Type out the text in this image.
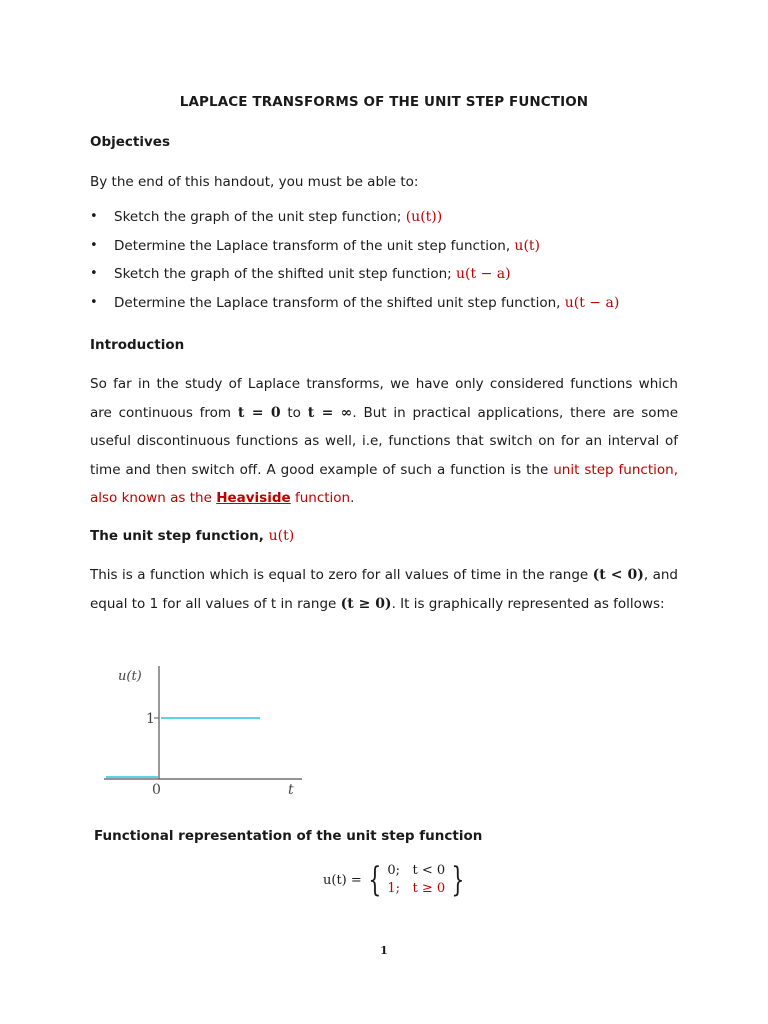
LAPLACE TRANSFORMS OF THE UNIT STEP FUNCTION
Objectives
By the end of this handout, you must be able to:
• Sketch the graph of the unit step function; (u(t))
• Determine the Laplace transform of the unit step function, u(t)
• Sketch the graph of the shifted unit step function; u(t − a)
• Determine the Laplace transform of the shifted unit step function, u(t − a)
Introduction
So far in the study of Laplace transforms, we have only considered functions which are continuous from t = 0 to t = ∞. But in practical applications, there are some useful discontinuous functions as well, i.e, functions that switch on for an interval of time and then switch off. A good example of such a function is the unit step function, also known as the Heaviside function.
The unit step function, u(t)
This is a function which is equal to zero for all values of time in the range (t < 0), and equal to 1 for all values of t in range (t ≥ 0). It is graphically represented as follows:
u(t)
1
0	t
Functional representation of the unit step function
u(t) = { 0; t < 0
1; t ≥ 0 }
1
